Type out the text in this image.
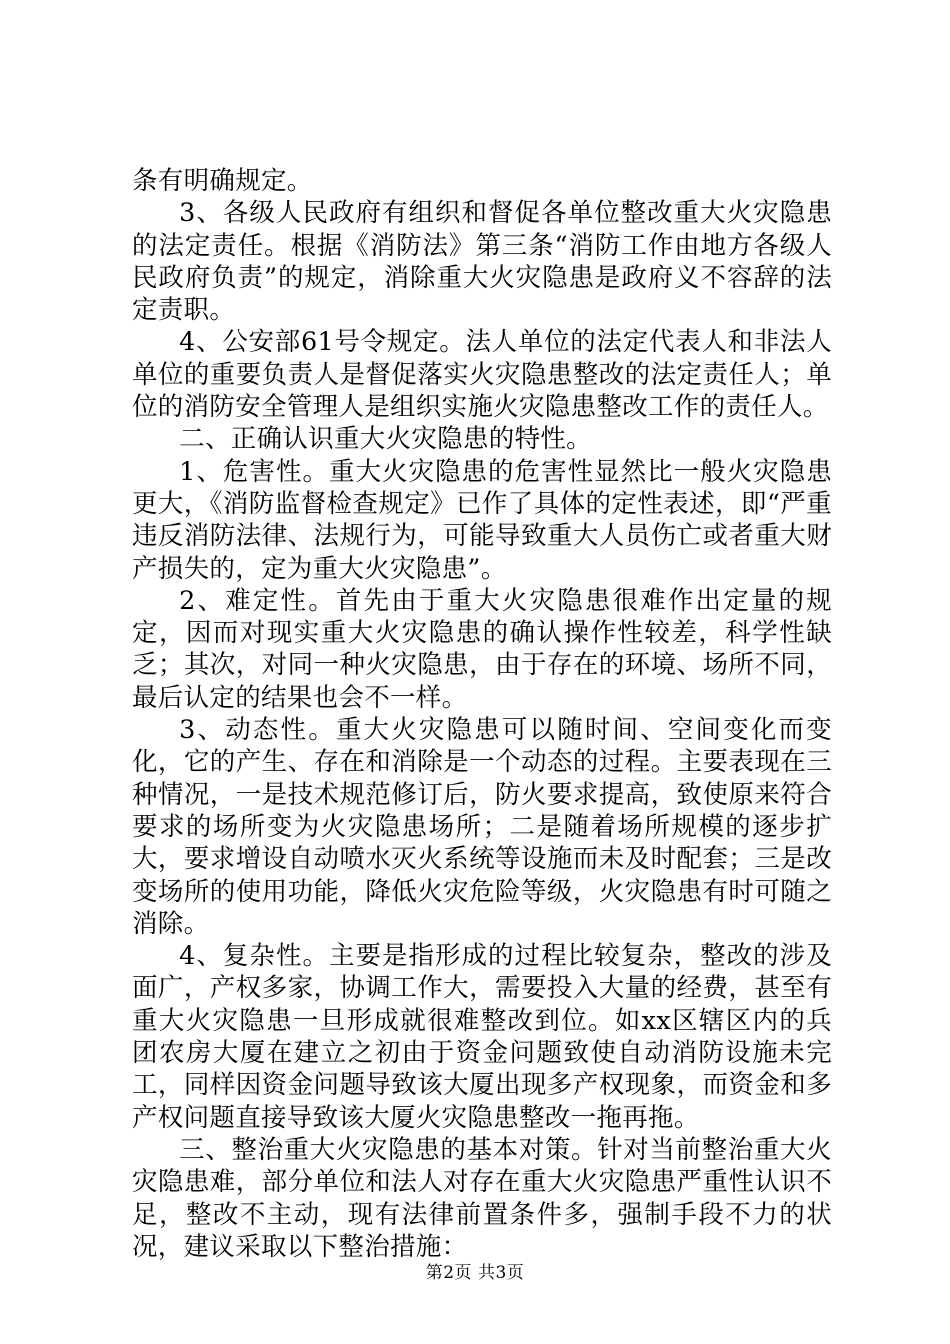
条有明确规定。

3、各级人民政府有组织和督促各单位整改重大火灾隐患的法定责任。根据《消防法》第三条“消防工作由地方各级人民政府负责”的规定，消除重大火灾隐患是政府义不容辞的法定责职。

4、公安部61号令规定。法人单位的法定代表人和非法人单位的重要负责人是督促落实火灾隐患整改的法定责任人；单位的消防安全管理人是组织实施火灾隐患整改工作的责任人。

二、正确认识重大火灾隐患的特性。

1、危害性。重大火灾隐患的危害性显然比一般火灾隐患更大，《消防监督检查规定》已作了具体的定性表述，即“严重违反消防法律、法规行为，可能导致重大人员伤亡或者重大财产损失的，定为重大火灾隐患”。

2、难定性。首先由于重大火灾隐患很难作出定量的规定，因而对现实重大火灾隐患的确认操作性较差，科学性缺乏；其次，对同一种火灾隐患，由于存在的环境、场所不同，最后认定的结果也会不一样。

3、动态性。重大火灾隐患可以随时间、空间变化而变化，它的产生、存在和消除是一个动态的过程。主要表现在三种情况，一是技术规范修订后，防火要求提高，致使原来符合要求的场所变为火灾隐患场所；二是随着场所规模的逐步扩大，要求增设自动喷水灭火系统等设施而未及时配套；三是改变场所的使用功能，降低火灾危险等级，火灾隐患有时可随之消除。

4、复杂性。主要是指形成的过程比较复杂，整改的涉及面广，产权多家，协调工作大，需要投入大量的经费，甚至有重大火灾隐患一旦形成就很难整改到位。如xx区辖区内的兵团农房大厦在建立之初由于资金问题致使自动消防设施未完工，同样因资金问题导致该大厦出现多产权现象，而资金和多产权问题直接导致该大厦火灾隐患整改一拖再拖。

三、整治重大火灾隐患的基本对策。针对当前整治重大火灾隐患难，部分单位和法人对存在重大火灾隐患严重性认识不足，整改不主动，现有法律前置条件多，强制手段不力的状况，建议采取以下整治措施：

第2页 共3页
